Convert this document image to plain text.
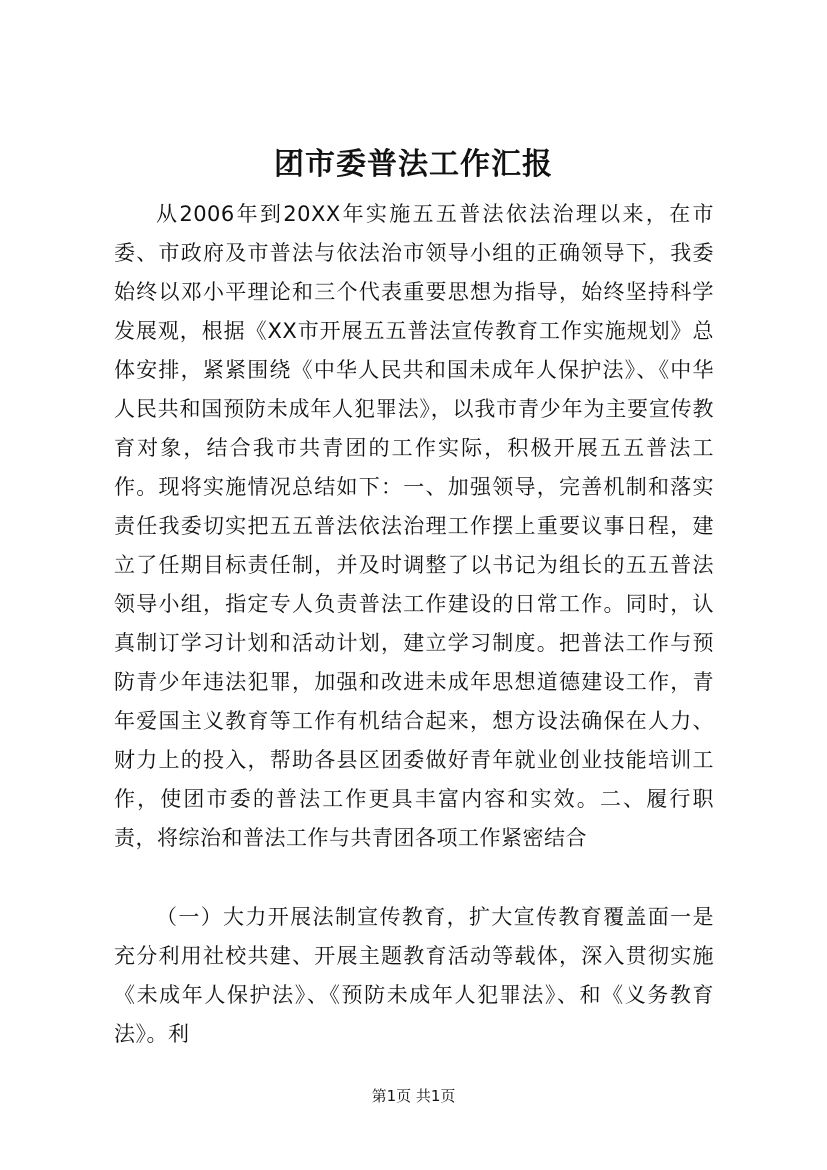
团市委普法工作汇报

从2006年到20XX年实施五五普法依法治理以来，在市委、市政府及市普法与依法治市领导小组的正确领导下，我委始终以邓小平理论和三个代表重要思想为指导，始终坚持科学发展观，根据《XX市开展五五普法宣传教育工作实施规划》总体安排，紧紧围绕《中华人民共和国未成年人保护法》、《中华人民共和国预防未成年人犯罪法》，以我市青少年为主要宣传教育对象，结合我市共青团的工作实际，积极开展五五普法工作。现将实施情况总结如下：一、加强领导，完善机制和落实责任我委切实把五五普法依法治理工作摆上重要议事日程，建立了任期目标责任制，并及时调整了以书记为组长的五五普法领导小组，指定专人负责普法工作建设的日常工作。同时，认真制订学习计划和活动计划，建立学习制度。把普法工作与预防青少年违法犯罪，加强和改进未成年思想道德建设工作，青年爱国主义教育等工作有机结合起来，想方设法确保在人力、财力上的投入，帮助各县区团委做好青年就业创业技能培训工作，使团市委的普法工作更具丰富内容和实效。二、履行职责，将综治和普法工作与共青团各项工作紧密结合

（一）大力开展法制宣传教育，扩大宣传教育覆盖面一是充分利用社校共建、开展主题教育活动等载体，深入贯彻实施《未成年人保护法》、《预防未成年人犯罪法》、和《义务教育法》。利

第1页 共1页
